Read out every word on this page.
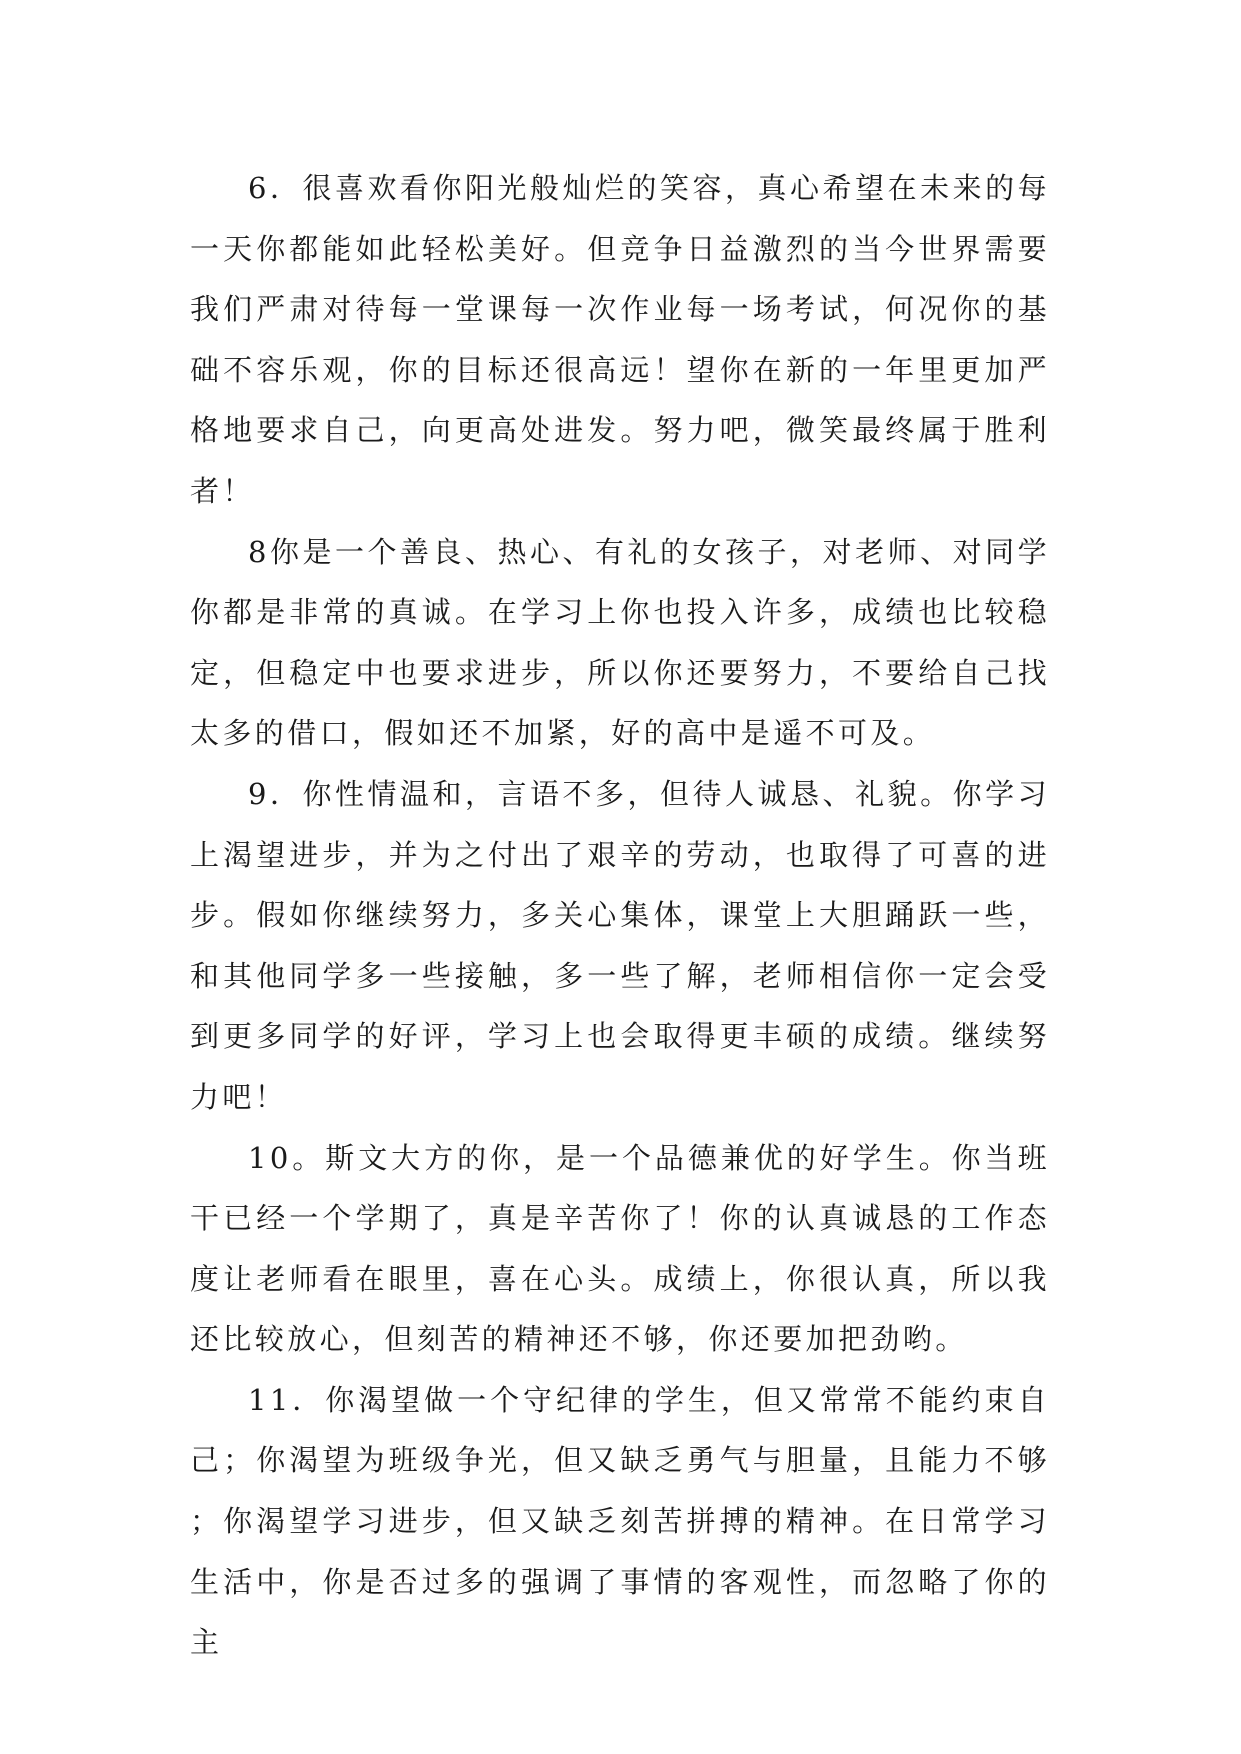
6．很喜欢看你阳光般灿烂的笑容，真心希望在未来的每一天你都能如此轻松美好。但竞争日益激烈的当今世界需要我们严肃对待每一堂课每一次作业每一场考试，何况你的基础不容乐观，你的目标还很高远！望你在新的一年里更加严格地要求自己，向更高处进发。努力吧，微笑最终属于胜利者！

8你是一个善良、热心、有礼的女孩子，对老师、对同学你都是非常的真诚。在学习上你也投入许多，成绩也比较稳定，但稳定中也要求进步，所以你还要努力，不要给自己找太多的借口，假如还不加紧，好的高中是遥不可及。

9．你性情温和，言语不多，但待人诚恳、礼貌。你学习上渴望进步，并为之付出了艰辛的劳动，也取得了可喜的进步。假如你继续努力，多关心集体，课堂上大胆踊跃一些，和其他同学多一些接触，多一些了解，老师相信你一定会受到更多同学的好评，学习上也会取得更丰硕的成绩。继续努力吧！

10。斯文大方的你，是一个品德兼优的好学生。你当班干已经一个学期了，真是辛苦你了！你的认真诚恳的工作态度让老师看在眼里，喜在心头。成绩上，你很认真，所以我还比较放心，但刻苦的精神还不够，你还要加把劲哟。

11．你渴望做一个守纪律的学生，但又常常不能约束自己；你渴望为班级争光，但又缺乏勇气与胆量，且能力不够；你渴望学习进步，但又缺乏刻苦拼搏的精神。在日常学习生活中，你是否过多的强调了事情的客观性，而忽略了你的主
